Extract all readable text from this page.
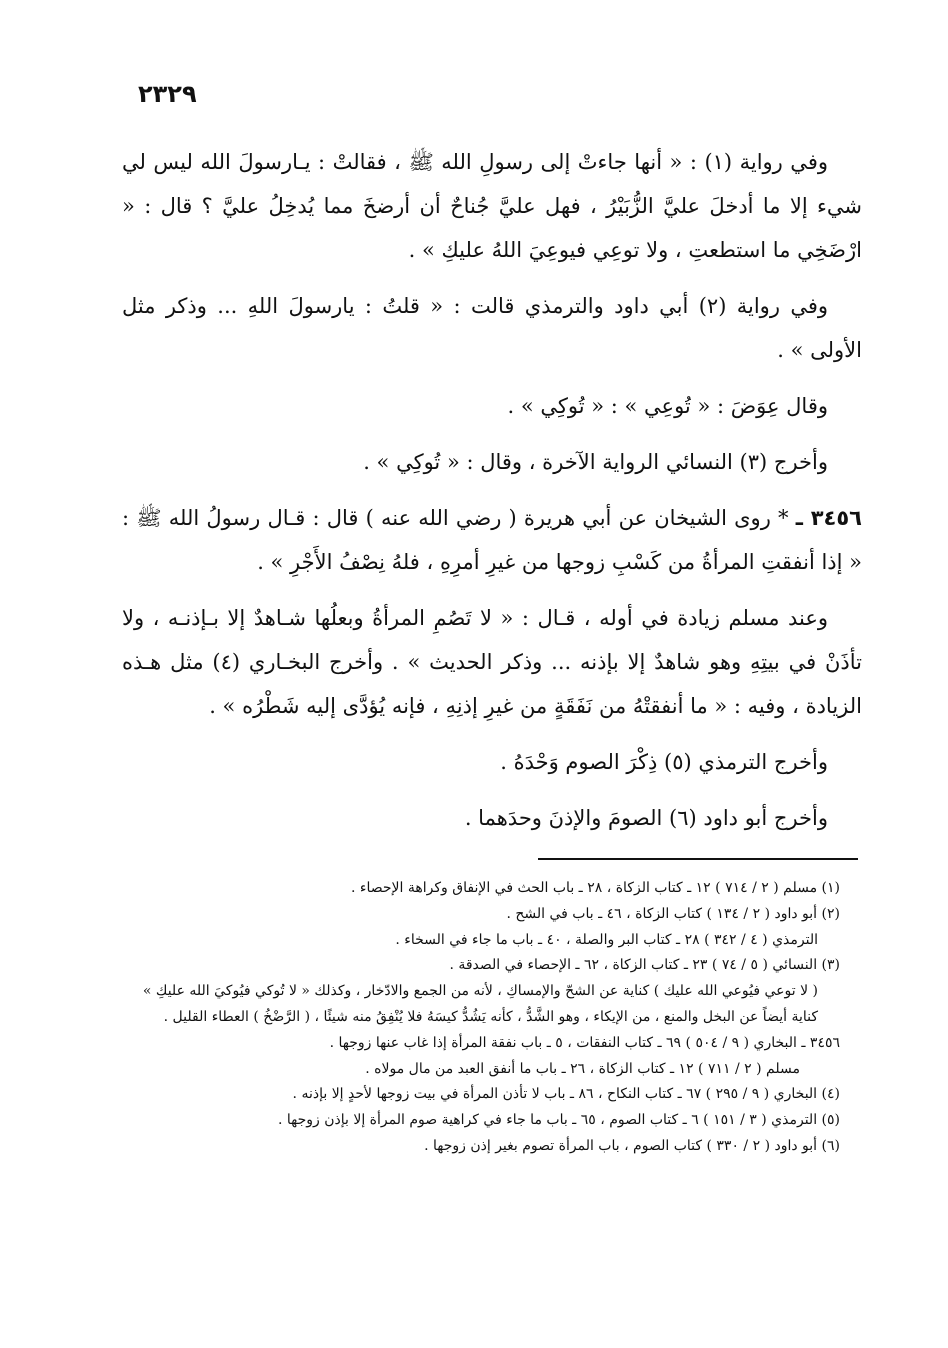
٢٣٢٩

وفي رواية (١) : « أنها جاءتْ إلى رسولِ الله ﷺ ، فقالتْ : يـارسولَ الله ليس لي شيء إلا ما أدخلَ عليَّ الزُّبَيْرُ ، فهل عليَّ جُناحٌ أن أرضخَ مما يُدخِلُ عليَّ ؟ قال : « ارْضَخِي ما استطعتِ ، ولا توعِي فيوعِيَ اللهُ عليكِ » .

وفي رواية (٢) أبي داود والترمذي قالت : « قلتُ : يارسولَ اللهِ ... وذكر مثل الأولى » .

وقال عِوَضَ : « تُوعِي » : « تُوكِي » .

وأخرج (٣) النسائي الرواية الآخرة ، وقال : « تُوكِي » .

٣٤٥٦ ـ * روى الشيخان عن أبي هريرة ( رضي الله عنه ) قال : قـال رسولُ الله ﷺ : « إذا أنفقتِ المرأةُ من كَسْبِ زوجها من غيرِ أمرِهِ ، فلهُ نِصْفُ الأَجْرِ » .

وعند مسلم زيادة في أوله ، قـال : « لا تَصُمِ المرأةُ وبعلُها شـاهدٌ إلا بـإذنـه ، ولا تأذَنْ في بيتِهِ وهو شاهدٌ إلا بإذنه ... وذكر الحديث » . وأخرج البخـاري (٤) مثل هـذه الزيادة ، وفيه : « ما أنفقتْهُ من نَفَقَةٍ من غيرِ إذنِهِ ، فإنه يُؤدَّى إليه شَطْرُه » .

وأخرج الترمذي (٥) ذِكْرَ الصوم وَحْدَهُ .

وأخرج أبو داود (٦) الصومَ والإذنَ وحدَهما .

(١) مسلم ( ٢ / ٧١٤ ) ١٢ ـ كتاب الزكاة ، ٢٨ ـ باب الحث في الإنفاق وكراهة الإحصاء .

(٢) أبو داود ( ٢ / ١٣٤ ) كتاب الزكاة ، ٤٦ ـ باب في الشح .

الترمذي ( ٤ / ٣٤٢ ) ٢٨ ـ كتاب البر والصلة ، ٤٠ ـ باب ما جاء في السخاء .

(٣) النسائي ( ٥ / ٧٤ ) ٢٣ ـ كتاب الزكاة ، ٦٢ ـ الإحصاء في الصدقة .

( لا توعي فيُوعي الله عليك ) كناية عن الشحّ والإمساكِ ، لأنه من الجمع والادّخار ، وكذلك « لا تُوكي فيُوكيَ الله عليكِ » كناية أيضاً عن البخل والمنع ، من الإيكاء ، وهو الشَّدُّ ، كأنه يَشُدُّ كيسَهُ فلا يُنْفِقُ منه شيئًا ، ( الرَّضْخُ ) العطاء القليل .

٣٤٥٦ ـ البخاري ( ٩ / ٥٠٤ ) ٦٩ ـ كتاب النفقات ، ٥ ـ باب نفقة المرأة إذا غاب عنها زوجها .

مسلم ( ٢ / ٧١١ ) ١٢ ـ كتاب الزكاة ، ٢٦ ـ باب ما أنفق العبد من مال مولاه .

(٤) البخاري ( ٩ / ٢٩٥ ) ٦٧ ـ كتاب النكاح ، ٨٦ ـ باب لا تأذن المرأة في بيت زوجها لأحدٍ إلا بإذنه .

(٥) الترمذي ( ٣ / ١٥١ ) ٦ ـ كتاب الصوم ، ٦٥ ـ باب ما جاء في كراهية صوم المرأة إلا بإذن زوجها .

(٦) أبو داود ( ٢ / ٣٣٠ ) كتاب الصوم ، باب المرأة تصوم بغير إذن زوجها .
